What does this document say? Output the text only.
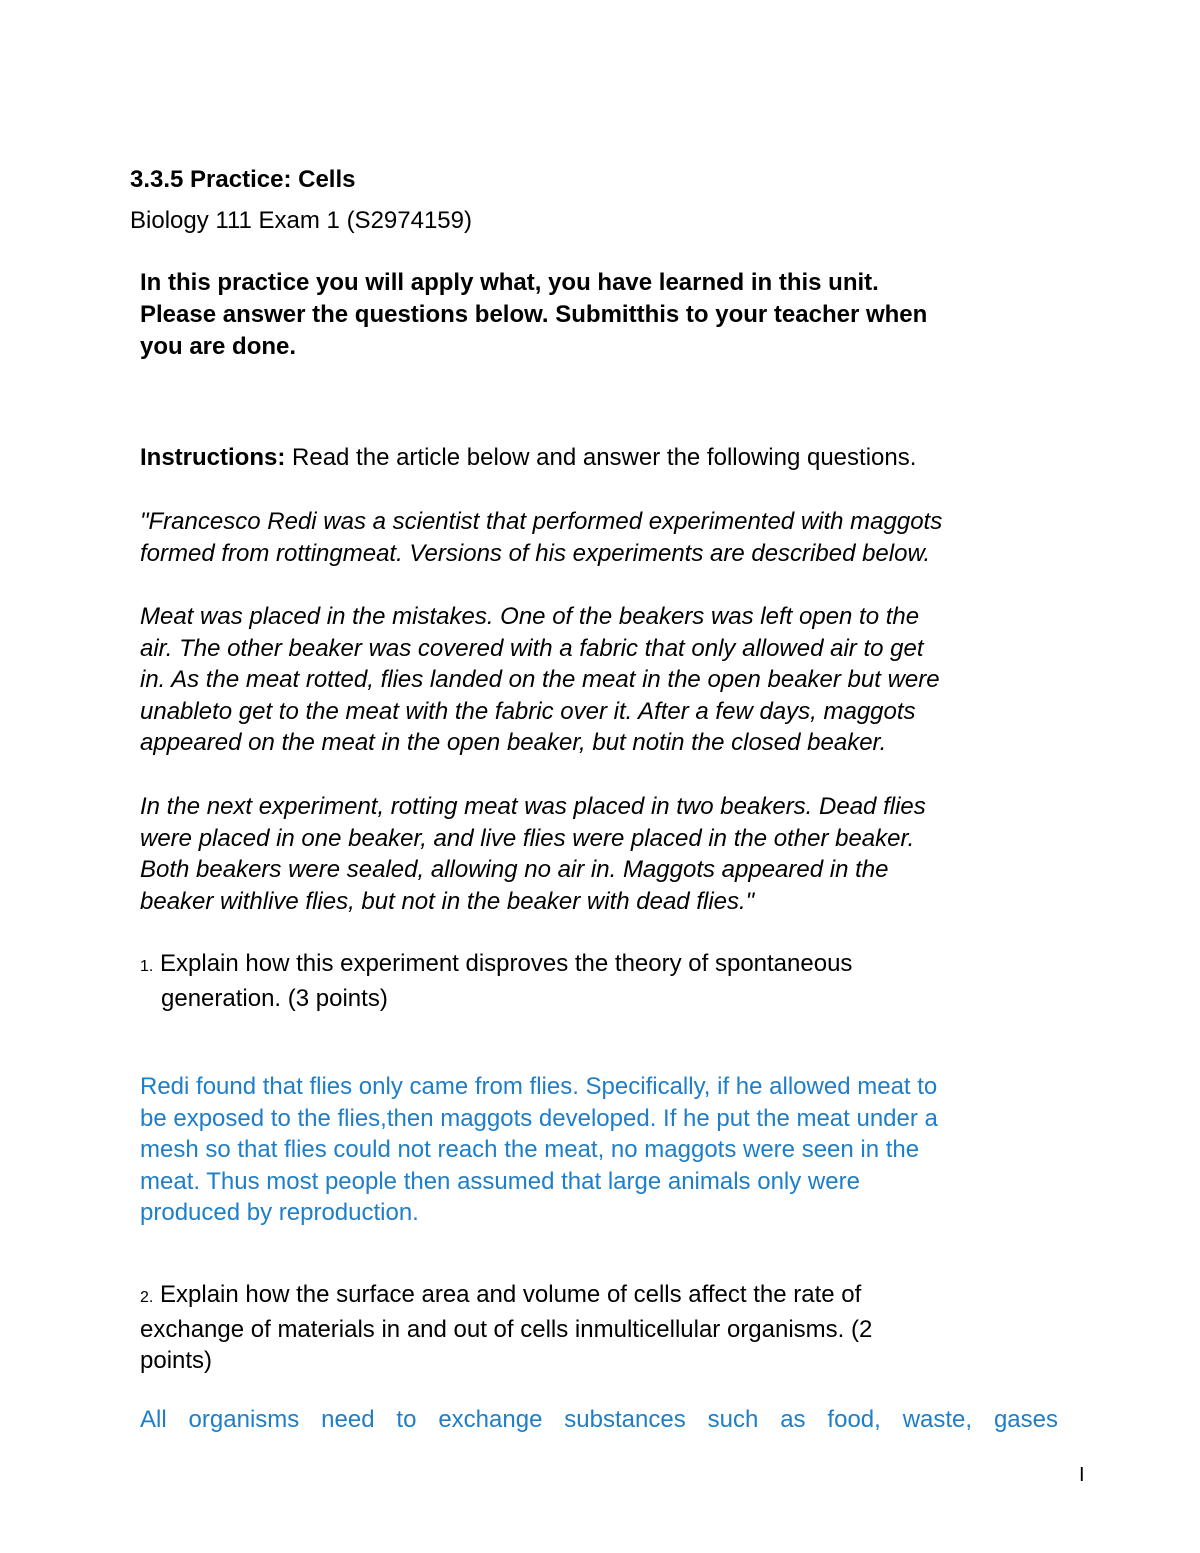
3.3.5 Practice: Cells
Biology 111 Exam 1 (S2974159)
In this practice you will apply what, you have learned in this unit.
Please answer the questions below. Submitthis to your teacher when
you are done.
Instructions: Read the article below and answer the following questions.
"Francesco Redi was a scientist that performed experimented with maggots
formed from rottingmeat. Versions of his experiments are described below.
Meat was placed in the mistakes. One of the beakers was left open to the
air. The other beaker was covered with a fabric that only allowed air to get
in. As the meat rotted, flies landed on the meat in the open beaker but were
unableto get to the meat with the fabric over it. After a few days, maggots
appeared on the meat in the open beaker, but notin the closed beaker.
In the next experiment, rotting meat was placed in two beakers. Dead flies
were placed in one beaker, and live flies were placed in the other beaker.
Both beakers were sealed, allowing no air in. Maggots appeared in the
beaker withlive flies, but not in the beaker with dead flies."
1. Explain how this experiment disproves the theory of spontaneous
generation. (3 points)
Redi found that flies only came from flies. Specifically, if he allowed meat to
be exposed to the flies,then maggots developed. If he put the meat under a
mesh so that flies could not reach the meat, no maggots were seen in the
meat. Thus most people then assumed that large animals only were
produced by reproduction.
2. Explain how the surface area and volume of cells affect the rate of
exchange of materials in and out of cells inmulticellular organisms. (2
points)
All organisms need to exchange substances such as food, waste, gases
I
